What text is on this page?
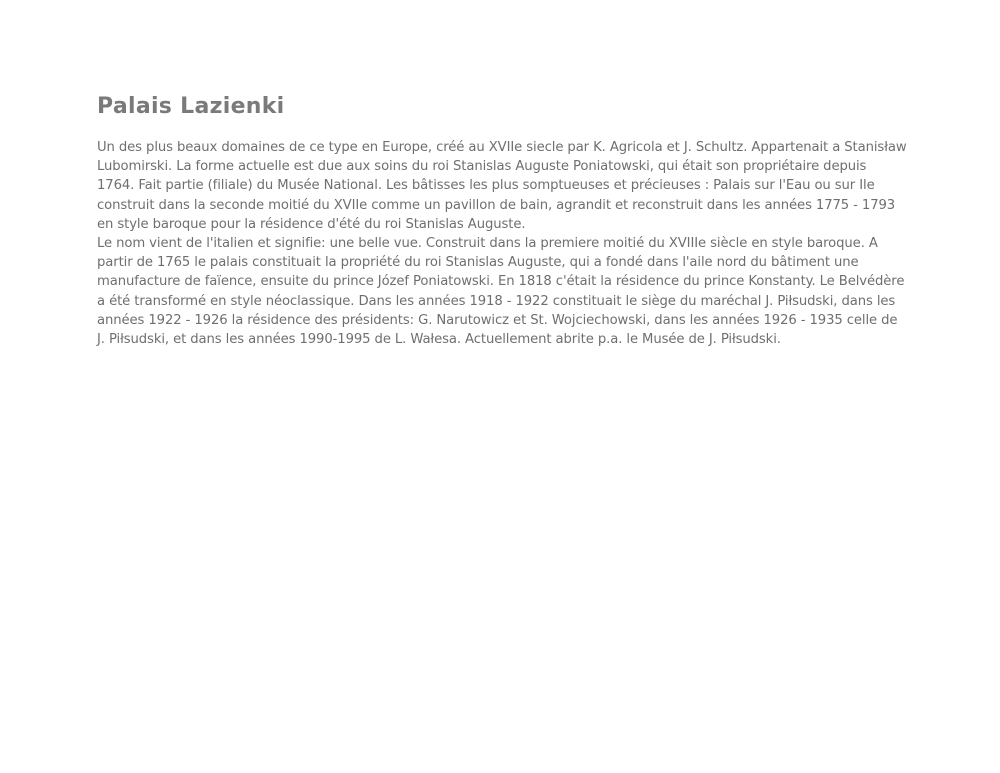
Palais Lazienki

Un des plus beaux domaines de ce type en Europe, créé au XVIIe siecle par K. Agricola et J. Schultz. Appartenait a Stanisław Lubomirski. La forme actuelle est due aux soins du roi Stanislas Auguste Poniatowski, qui était son propriétaire depuis 1764. Fait partie (filiale) du Musée National. Les bâtisses les plus somptueuses et précieuses : Palais sur l'Eau ou sur Ile construit dans la seconde moitié du XVIIe comme un pavillon de bain, agrandit et reconstruit dans les années 1775 - 1793 en style baroque pour la résidence d'été du roi Stanislas Auguste.

Le nom vient de l'italien et signifie: une belle vue. Construit dans la premiere moitié du XVIIIe siècle en style baroque. A partir de 1765 le palais constituait la propriété du roi Stanislas Auguste, qui a fondé dans l'aile nord du bâtiment une manufacture de faïence, ensuite du prince Józef Poniatowski. En 1818 c'était la résidence du prince Konstanty. Le Belvédère a été transformé en style néoclassique. Dans les années 1918 - 1922 constituait le siège du maréchal J. Piłsudski, dans les années 1922 - 1926 la résidence des présidents: G. Narutowicz et St. Wojciechowski, dans les années 1926 - 1935 celle de J. Piłsudski, et dans les années 1990-1995 de L. Wałesa. Actuellement abrite p.a. le Musée de J. Piłsudski.
